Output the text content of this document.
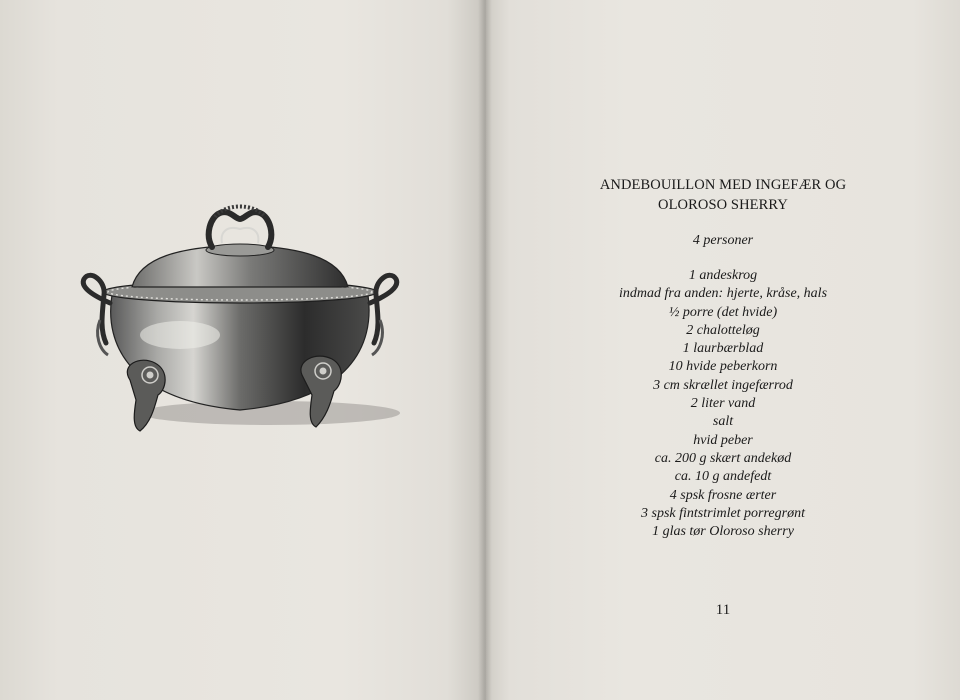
ANDEBOUILLON MED INGEFÆR OG
OLOROSO SHERRY
4 personer
1 andeskrog
indmad fra anden: hjerte, kråse, hals
½ porre (det hvide)
2 chalotteløg
1 laurbærblad
10 hvide peberkorn
3 cm skrællet ingefærrod
2 liter vand
salt
hvid peber
ca. 200 g skært andekød
ca. 10 g andefedt
4 spsk frosne ærter
3 spsk fintstrimlet porregrønt
1 glas tør Oloroso sherry
11
